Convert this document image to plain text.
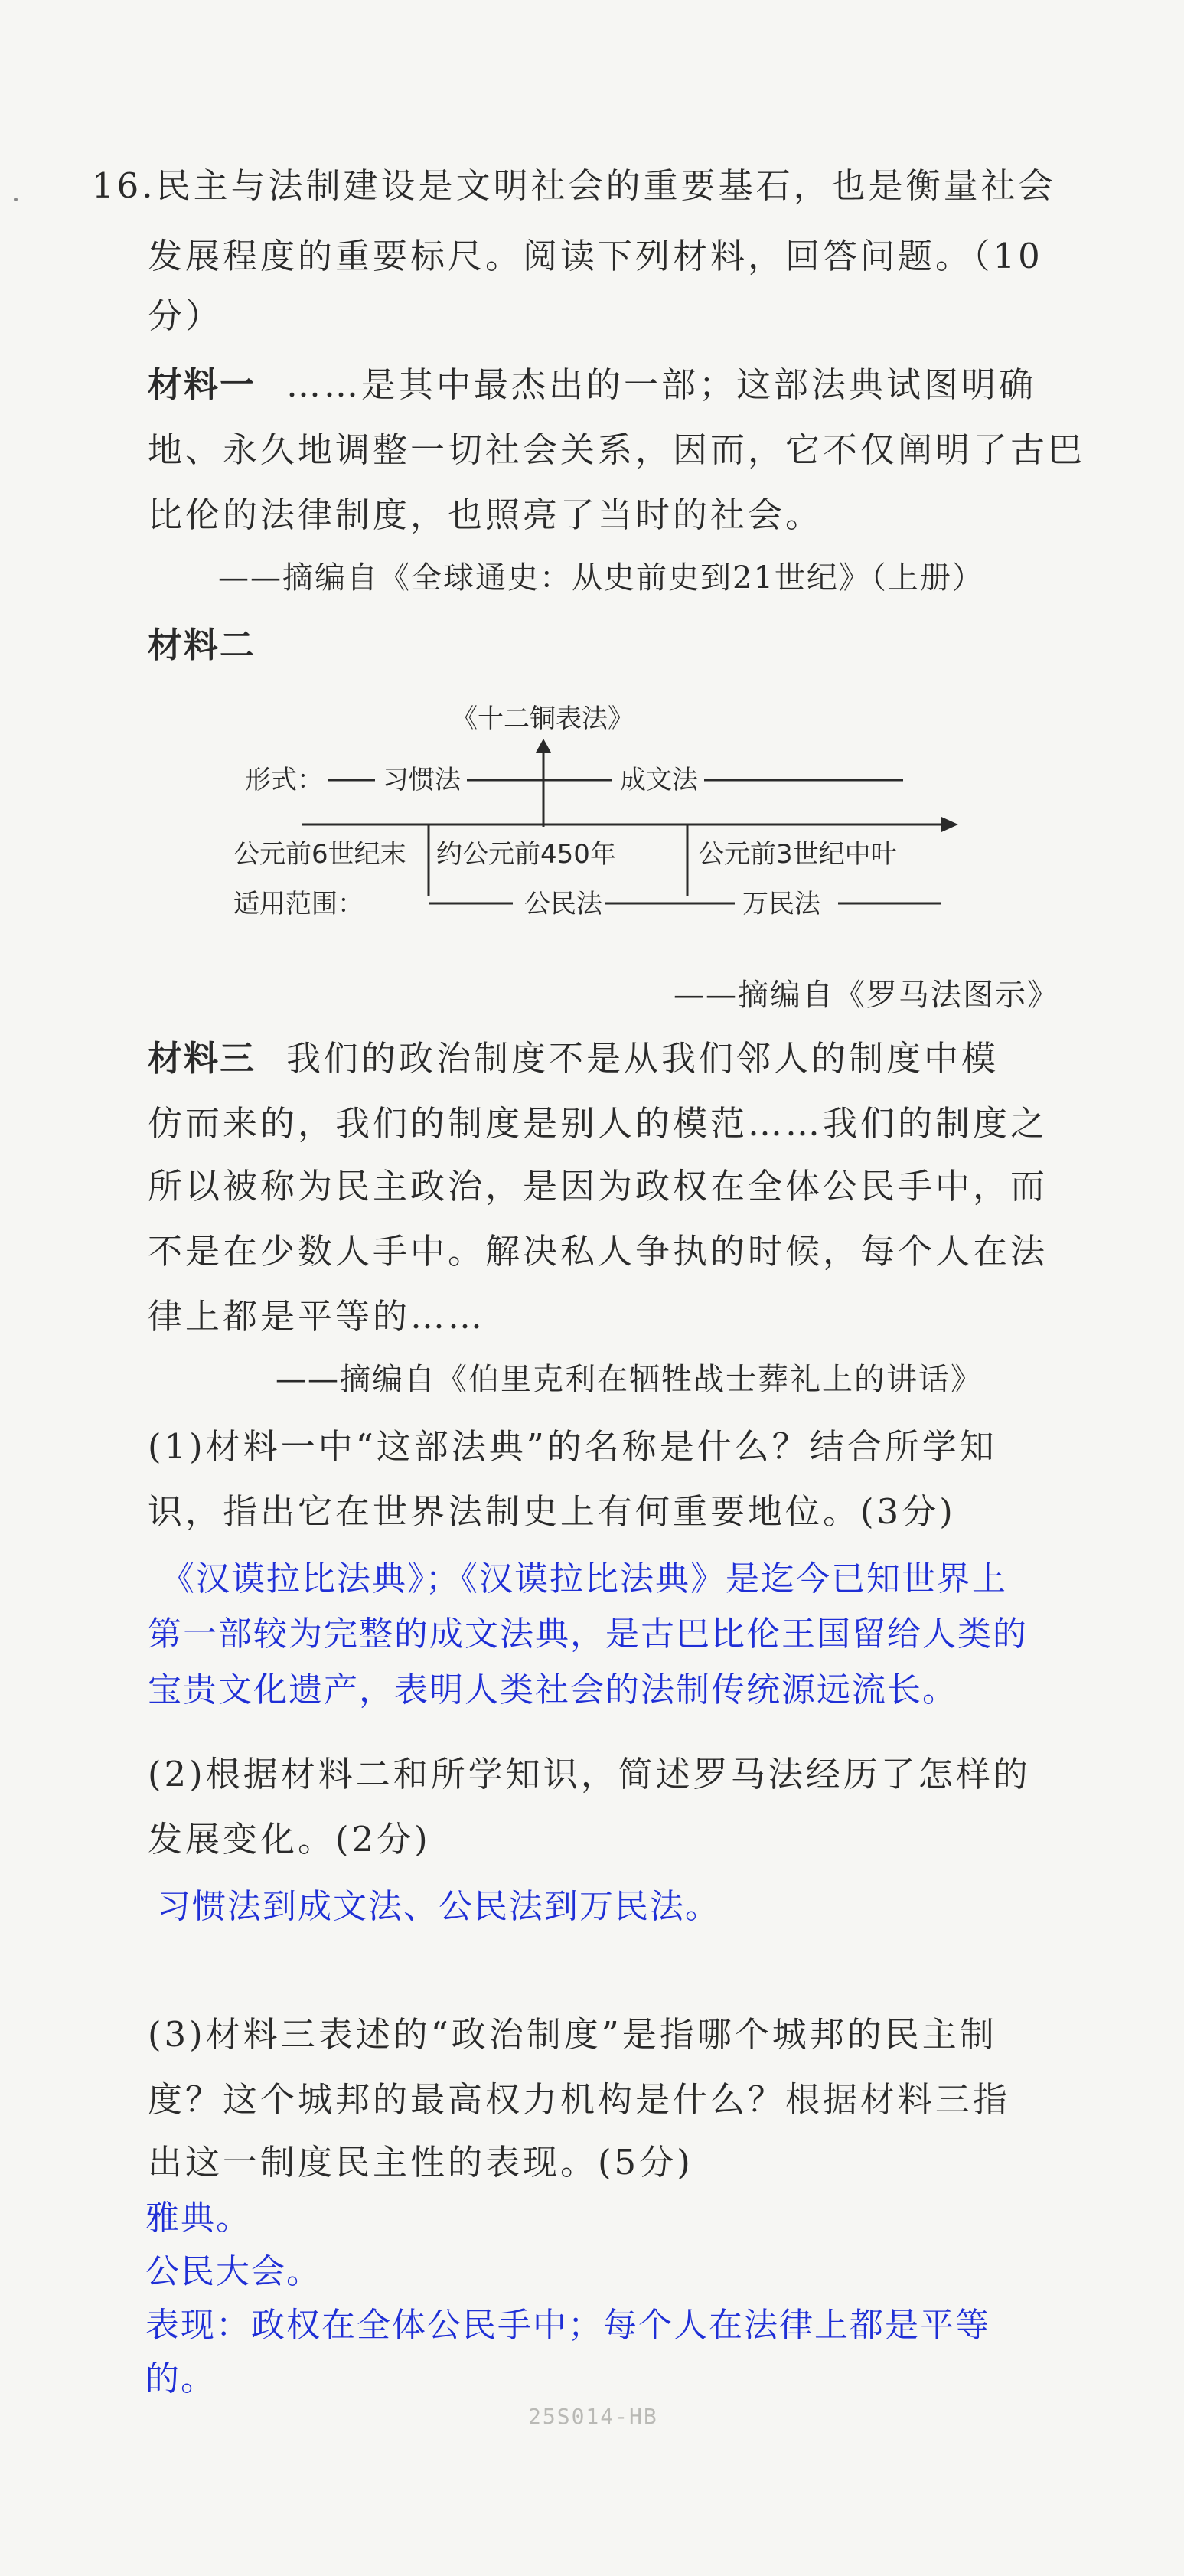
16.民主与法制建设是文明社会的重要基石，也是衡量社会
发展程度的重要标尺。阅读下列材料，回答问题。（10
分）
材料一 ……是其中最杰出的一部；这部法典试图明确
地、永久地调整一切社会关系，因而，它不仅阐明了古巴
比伦的法律制度，也照亮了当时的社会。
——摘编自《全球通史：从史前史到21世纪》（上册）
材料二
《十二铜表法》
形式： 习惯法	成文法
公元前6世纪末 约公元前450年	公元前3世纪中叶
适用范围：	公民法	万民法
——摘编自《罗马法图示》
材料三 我们的政治制度不是从我们邻人的制度中模
仿而来的，我们的制度是别人的模范……我们的制度之
所以被称为民主政治，是因为政权在全体公民手中，而
不是在少数人手中。解决私人争执的时候，每个人在法
律上都是平等的……
——摘编自《伯里克利在牺牲战士葬礼上的讲话》
(1)材料一中“这部法典”的名称是什么？结合所学知
识，指出它在世界法制史上有何重要地位。(3分)
《汉谟拉比法典》；《汉谟拉比法典》是迄今已知世界上
第一部较为完整的成文法典，是古巴比伦王国留给人类的
宝贵文化遗产，表明人类社会的法制传统源远流长。
(2)根据材料二和所学知识，简述罗马法经历了怎样的
发展变化。(2分)
习惯法到成文法、公民法到万民法。
(3)材料三表述的“政治制度”是指哪个城邦的民主制
度？这个城邦的最高权力机构是什么？根据材料三指
出这一制度民主性的表现。(5分)
雅典。
公民大会。
表现：政权在全体公民手中；每个人在法律上都是平等
的。
25S014-HB
